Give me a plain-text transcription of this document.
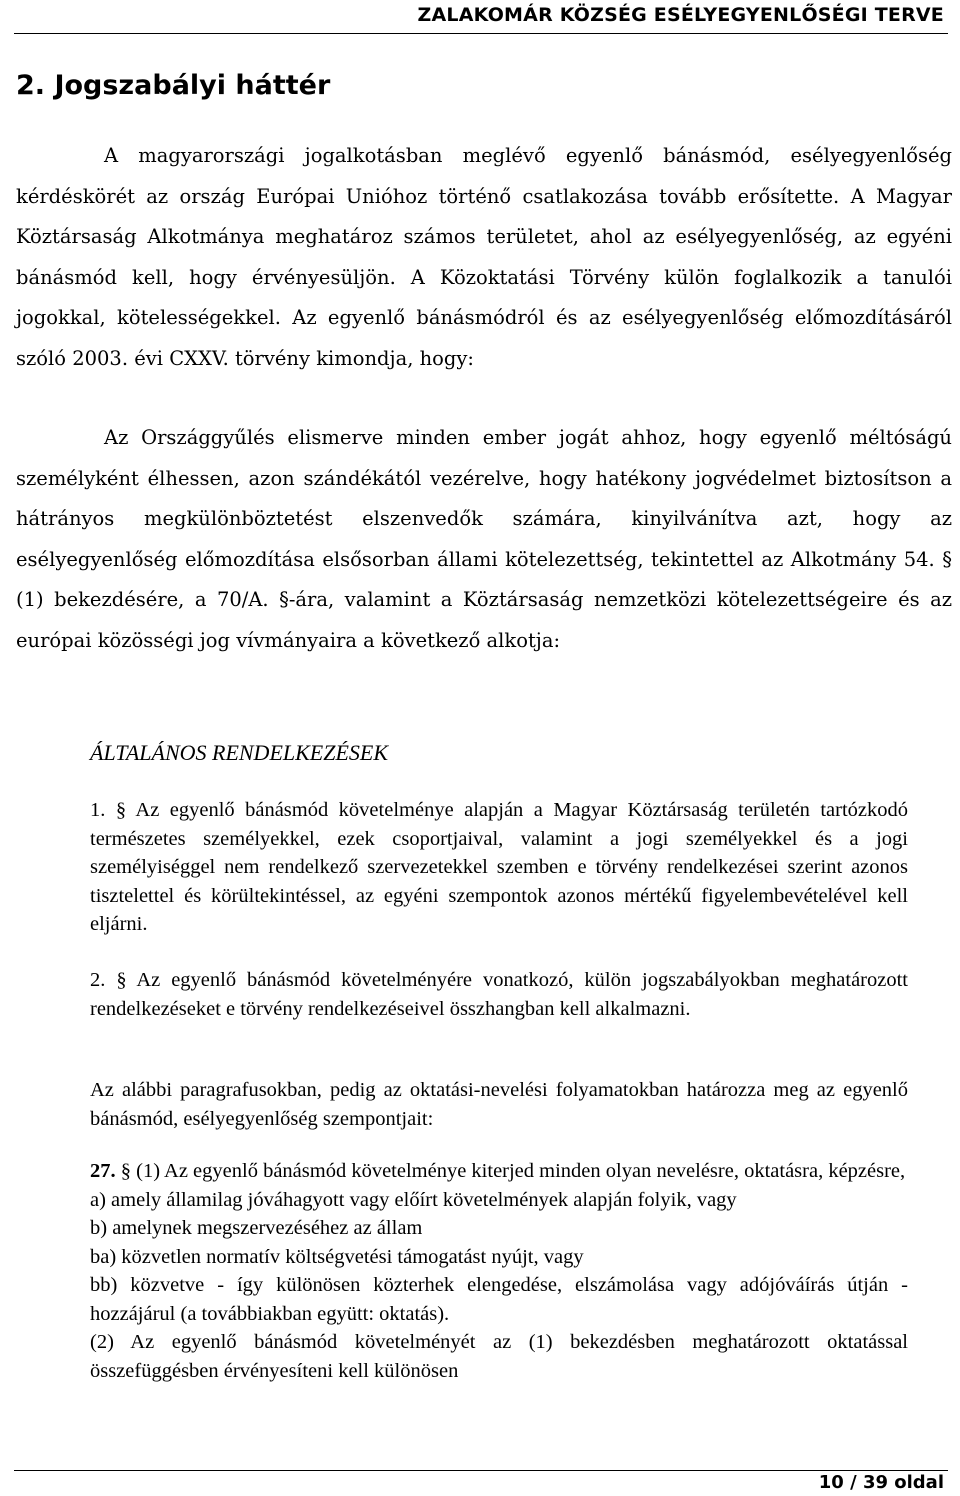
ZALAKOMÁR KÖZSÉG ESÉLYEGYENLŐSÉGI TERVE
2. Jogszabályi háttér

A magyarországi jogalkotásban meglévő egyenlő bánásmód, esélyegyenlőség kérdéskörét az ország Európai Unióhoz történő csatlakozása tovább erősítette. A Magyar Köztársaság Alkotmánya meghatároz számos területet, ahol az esélyegyenlőség, az egyéni bánásmód kell, hogy érvényesüljön. A Közoktatási Törvény külön foglalkozik a tanulói jogokkal, kötelességekkel. Az egyenlő bánásmódról és az esélyegyenlőség előmozdításáról szóló 2003. évi CXXV. törvény kimondja, hogy:

Az Országgyűlés elismerve minden ember jogát ahhoz, hogy egyenlő méltóságú személyként élhessen, azon szándékától vezérelve, hogy hatékony jogvédelmet biztosítson a hátrányos megkülönböztetést elszenvedők számára, kinyilvánítva azt, hogy az esélyegyenlőség előmozdítása elsősorban állami kötelezettség, tekintettel az Alkotmány 54. § (1) bekezdésére, a 70/A. §-ára, valamint a Köztársaság nemzetközi kötelezettségeire és az európai közösségi jog vívmányaira a következő alkotja:

ÁLTALÁNOS RENDELKEZÉSEK

1. § Az egyenlő bánásmód követelménye alapján a Magyar Köztársaság területén tartózkodó természetes személyekkel, ezek csoportjaival, valamint a jogi személyekkel és a jogi személyiséggel nem rendelkező szervezetekkel szemben e törvény rendelkezései szerint azonos tisztelettel és körültekintéssel, az egyéni szempontok azonos mértékű figyelembevételével kell eljárni.

2. § Az egyenlő bánásmód követelményére vonatkozó, külön jogszabályokban meghatározott rendelkezéseket e törvény rendelkezéseivel összhangban kell alkalmazni.

Az alábbi paragrafusokban, pedig az oktatási-nevelési folyamatokban határozza meg az egyenlő bánásmód, esélyegyenlőség szempontjait:

27. § (1) Az egyenlő bánásmód követelménye kiterjed minden olyan nevelésre, oktatásra, képzésre,

a) amely államilag jóváhagyott vagy előírt követelmények alapján folyik, vagy

b) amelynek megszervezéséhez az állam

ba) közvetlen normatív költségvetési támogatást nyújt, vagy

bb) közvetve - így különösen közterhek elengedése, elszámolása vagy adójóváírás útján - hozzájárul (a továbbiakban együtt: oktatás).

(2) Az egyenlő bánásmód követelményét az (1) bekezdésben meghatározott oktatással összefüggésben érvényesíteni kell különösen

10 / 39 oldal
